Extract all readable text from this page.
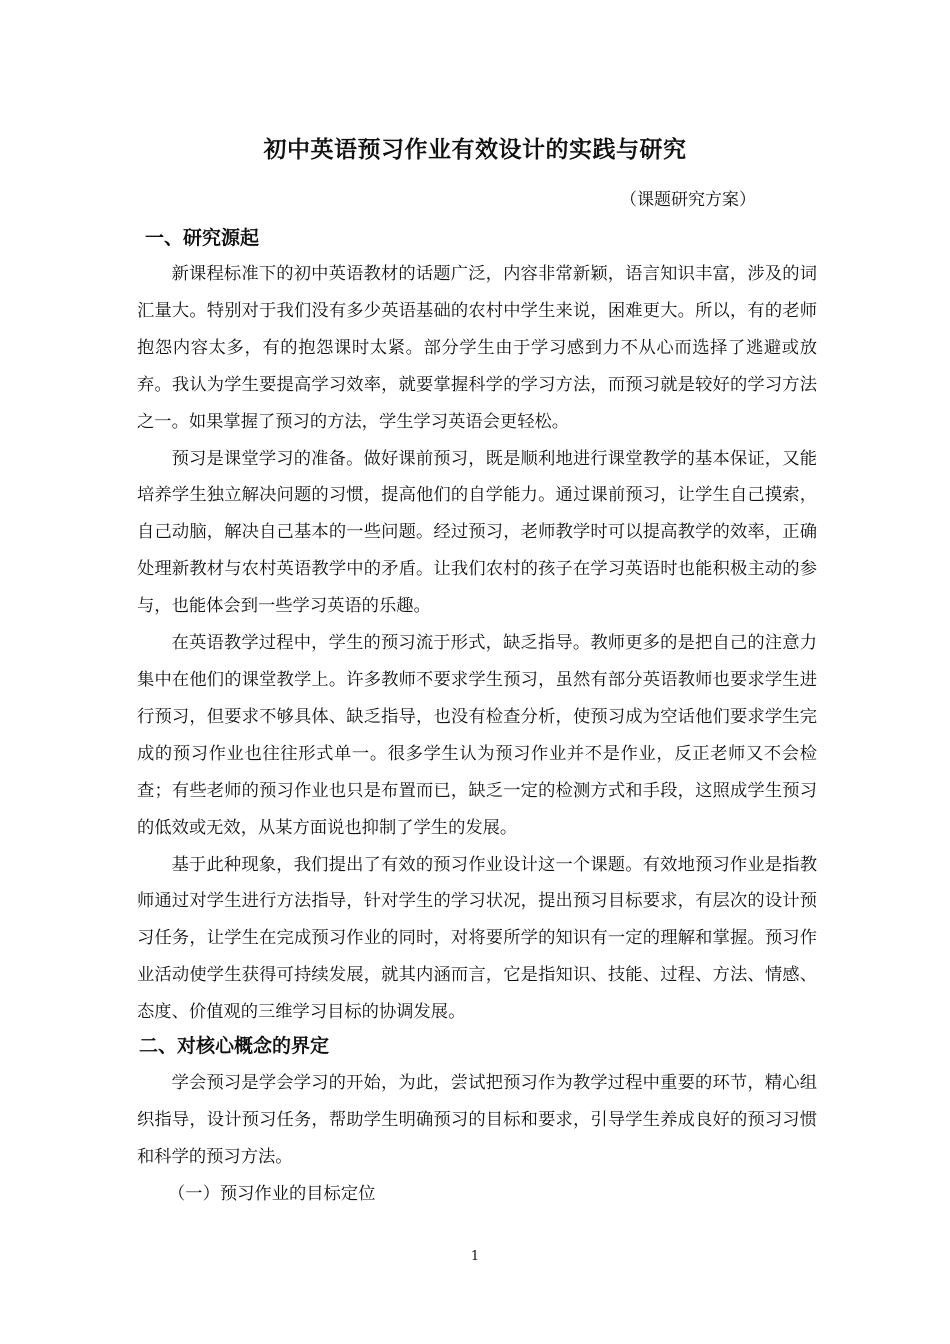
初中英语预习作业有效设计的实践与研究
（课题研究方案）
一、研究源起

新课程标准下的初中英语教材的话题广泛，内容非常新颖，语言知识丰富，涉及的词汇量大。特别对于我们没有多少英语基础的农村中学生来说，困难更大。所以，有的老师抱怨内容太多，有的抱怨课时太紧。部分学生由于学习感到力不从心而选择了逃避或放弃。我认为学生要提高学习效率，就要掌握科学的学习方法，而预习就是较好的学习方法之一。如果掌握了预习的方法，学生学习英语会更轻松。

预习是课堂学习的准备。做好课前预习，既是顺利地进行课堂教学的基本保证，又能培养学生独立解决问题的习惯，提高他们的自学能力。通过课前预习，让学生自己摸索，自己动脑，解决自己基本的一些问题。经过预习，老师教学时可以提高教学的效率，正确处理新教材与农村英语教学中的矛盾。让我们农村的孩子在学习英语时也能积极主动的参与，也能体会到一些学习英语的乐趣。

在英语教学过程中，学生的预习流于形式，缺乏指导。教师更多的是把自己的注意力集中在他们的课堂教学上。许多教师不要求学生预习，虽然有部分英语教师也要求学生进行预习，但要求不够具体、缺乏指导，也没有检查分析，使预习成为空话他们要求学生完成的预习作业也往往形式单一。很多学生认为预习作业并不是作业，反正老师又不会检查；有些老师的预习作业也只是布置而已，缺乏一定的检测方式和手段，这照成学生预习的低效或无效，从某方面说也抑制了学生的发展。

基于此种现象，我们提出了有效的预习作业设计这一个课题。有效地预习作业是指教师通过对学生进行方法指导，针对学生的学习状况，提出预习目标要求，有层次的设计预习任务，让学生在完成预习作业的同时，对将要所学的知识有一定的理解和掌握。预习作业活动使学生获得可持续发展，就其内涵而言，它是指知识、技能、过程、方法、情感、态度、价值观的三维学习目标的协调发展。

二、对核心概念的界定

学会预习是学会学习的开始，为此，尝试把预习作为教学过程中重要的环节，精心组织指导，设计预习任务，帮助学生明确预习的目标和要求，引导学生养成良好的预习习惯和科学的预习方法。

（一）预习作业的目标定位
1
